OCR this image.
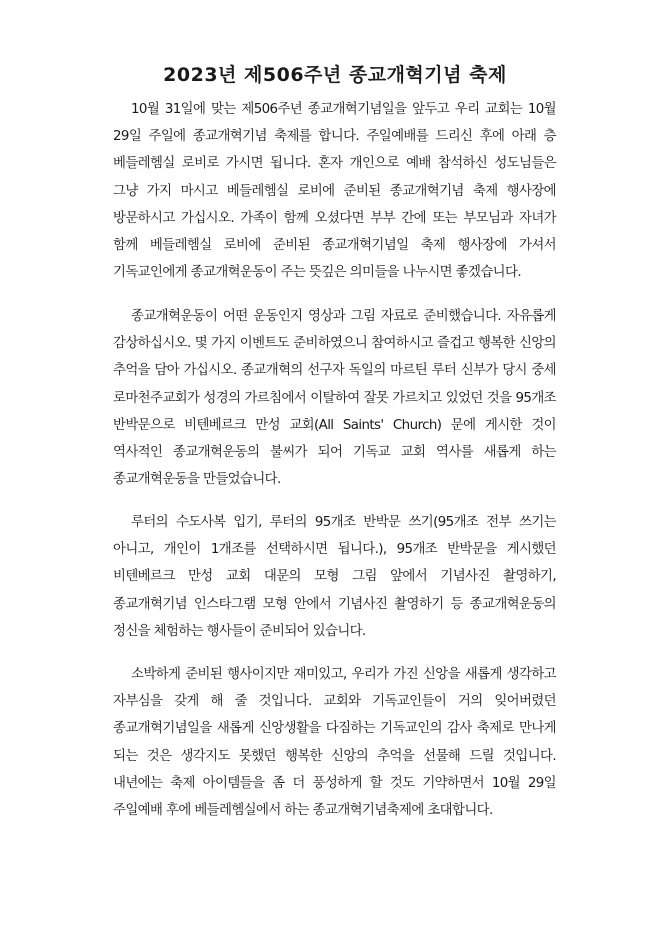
2023년 제506주년 종교개혁기념 축제

10월 31일에 맞는 제506주년 종교개혁기념일을 앞두고 우리 교회는 10월 29일 주일에 종교개혁기념 축제를 합니다. 주일예배를 드리신 후에 아래 층 베들레헴실 로비로 가시면 됩니다. 혼자 개인으로 예배 참석하신 성도님들은 그냥 가지 마시고 베들레헴실 로비에 준비된 종교개혁기념 축제 행사장에 방문하시고 가십시오. 가족이 함께 오셨다면 부부 간에 또는 부모님과 자녀가 함께 베들레헴실 로비에 준비된 종교개혁기념일 축제 행사장에 가셔서 기독교인에게 종교개혁운동이 주는 뜻깊은 의미들을 나누시면 좋겠습니다.

종교개혁운동이 어떤 운동인지 영상과 그림 자료로 준비했습니다. 자유롭게 감상하십시오. 몇 가지 이벤트도 준비하였으니 참여하시고 즐겁고 행복한 신앙의 추억을 담아 가십시오. 종교개혁의 선구자 독일의 마르틴 루터 신부가 당시 중세 로마천주교회가 성경의 가르침에서 이탈하여 잘못 가르치고 있었던 것을 95개조 반박문으로 비텐베르크 만성 교회(All Saints' Church) 문에 게시한 것이 역사적인 종교개혁운동의 불씨가 되어 기독교 교회 역사를 새롭게 하는 종교개혁운동을 만들었습니다.

루터의 수도사복 입기, 루터의 95개조 반박문 쓰기(95개조 전부 쓰기는 아니고, 개인이 1개조를 선택하시면 됩니다.), 95개조 반박문을 게시했던 비텐베르크 만성 교회 대문의 모형 그림 앞에서 기념사진 촬영하기, 종교개혁기념 인스타그램 모형 안에서 기념사진 촬영하기 등 종교개혁운동의 정신을 체험하는 행사들이 준비되어 있습니다.

소박하게 준비된 행사이지만 재미있고, 우리가 가진 신앙을 새롭게 생각하고 자부심을 갖게 해 줄 것입니다. 교회와 기독교인들이 거의 잊어버렸던 종교개혁기념일을 새롭게 신앙생활을 다짐하는 기독교인의 감사 축제로 만나게 되는 것은 생각지도 못했던 행복한 신앙의 추억을 선물해 드릴 것입니다. 내년에는 축제 아이템들을 좀 더 풍성하게 할 것도 기약하면서 10월 29일 주일예배 후에 베들레헴실에서 하는 종교개혁기념축제에 초대합니다.
